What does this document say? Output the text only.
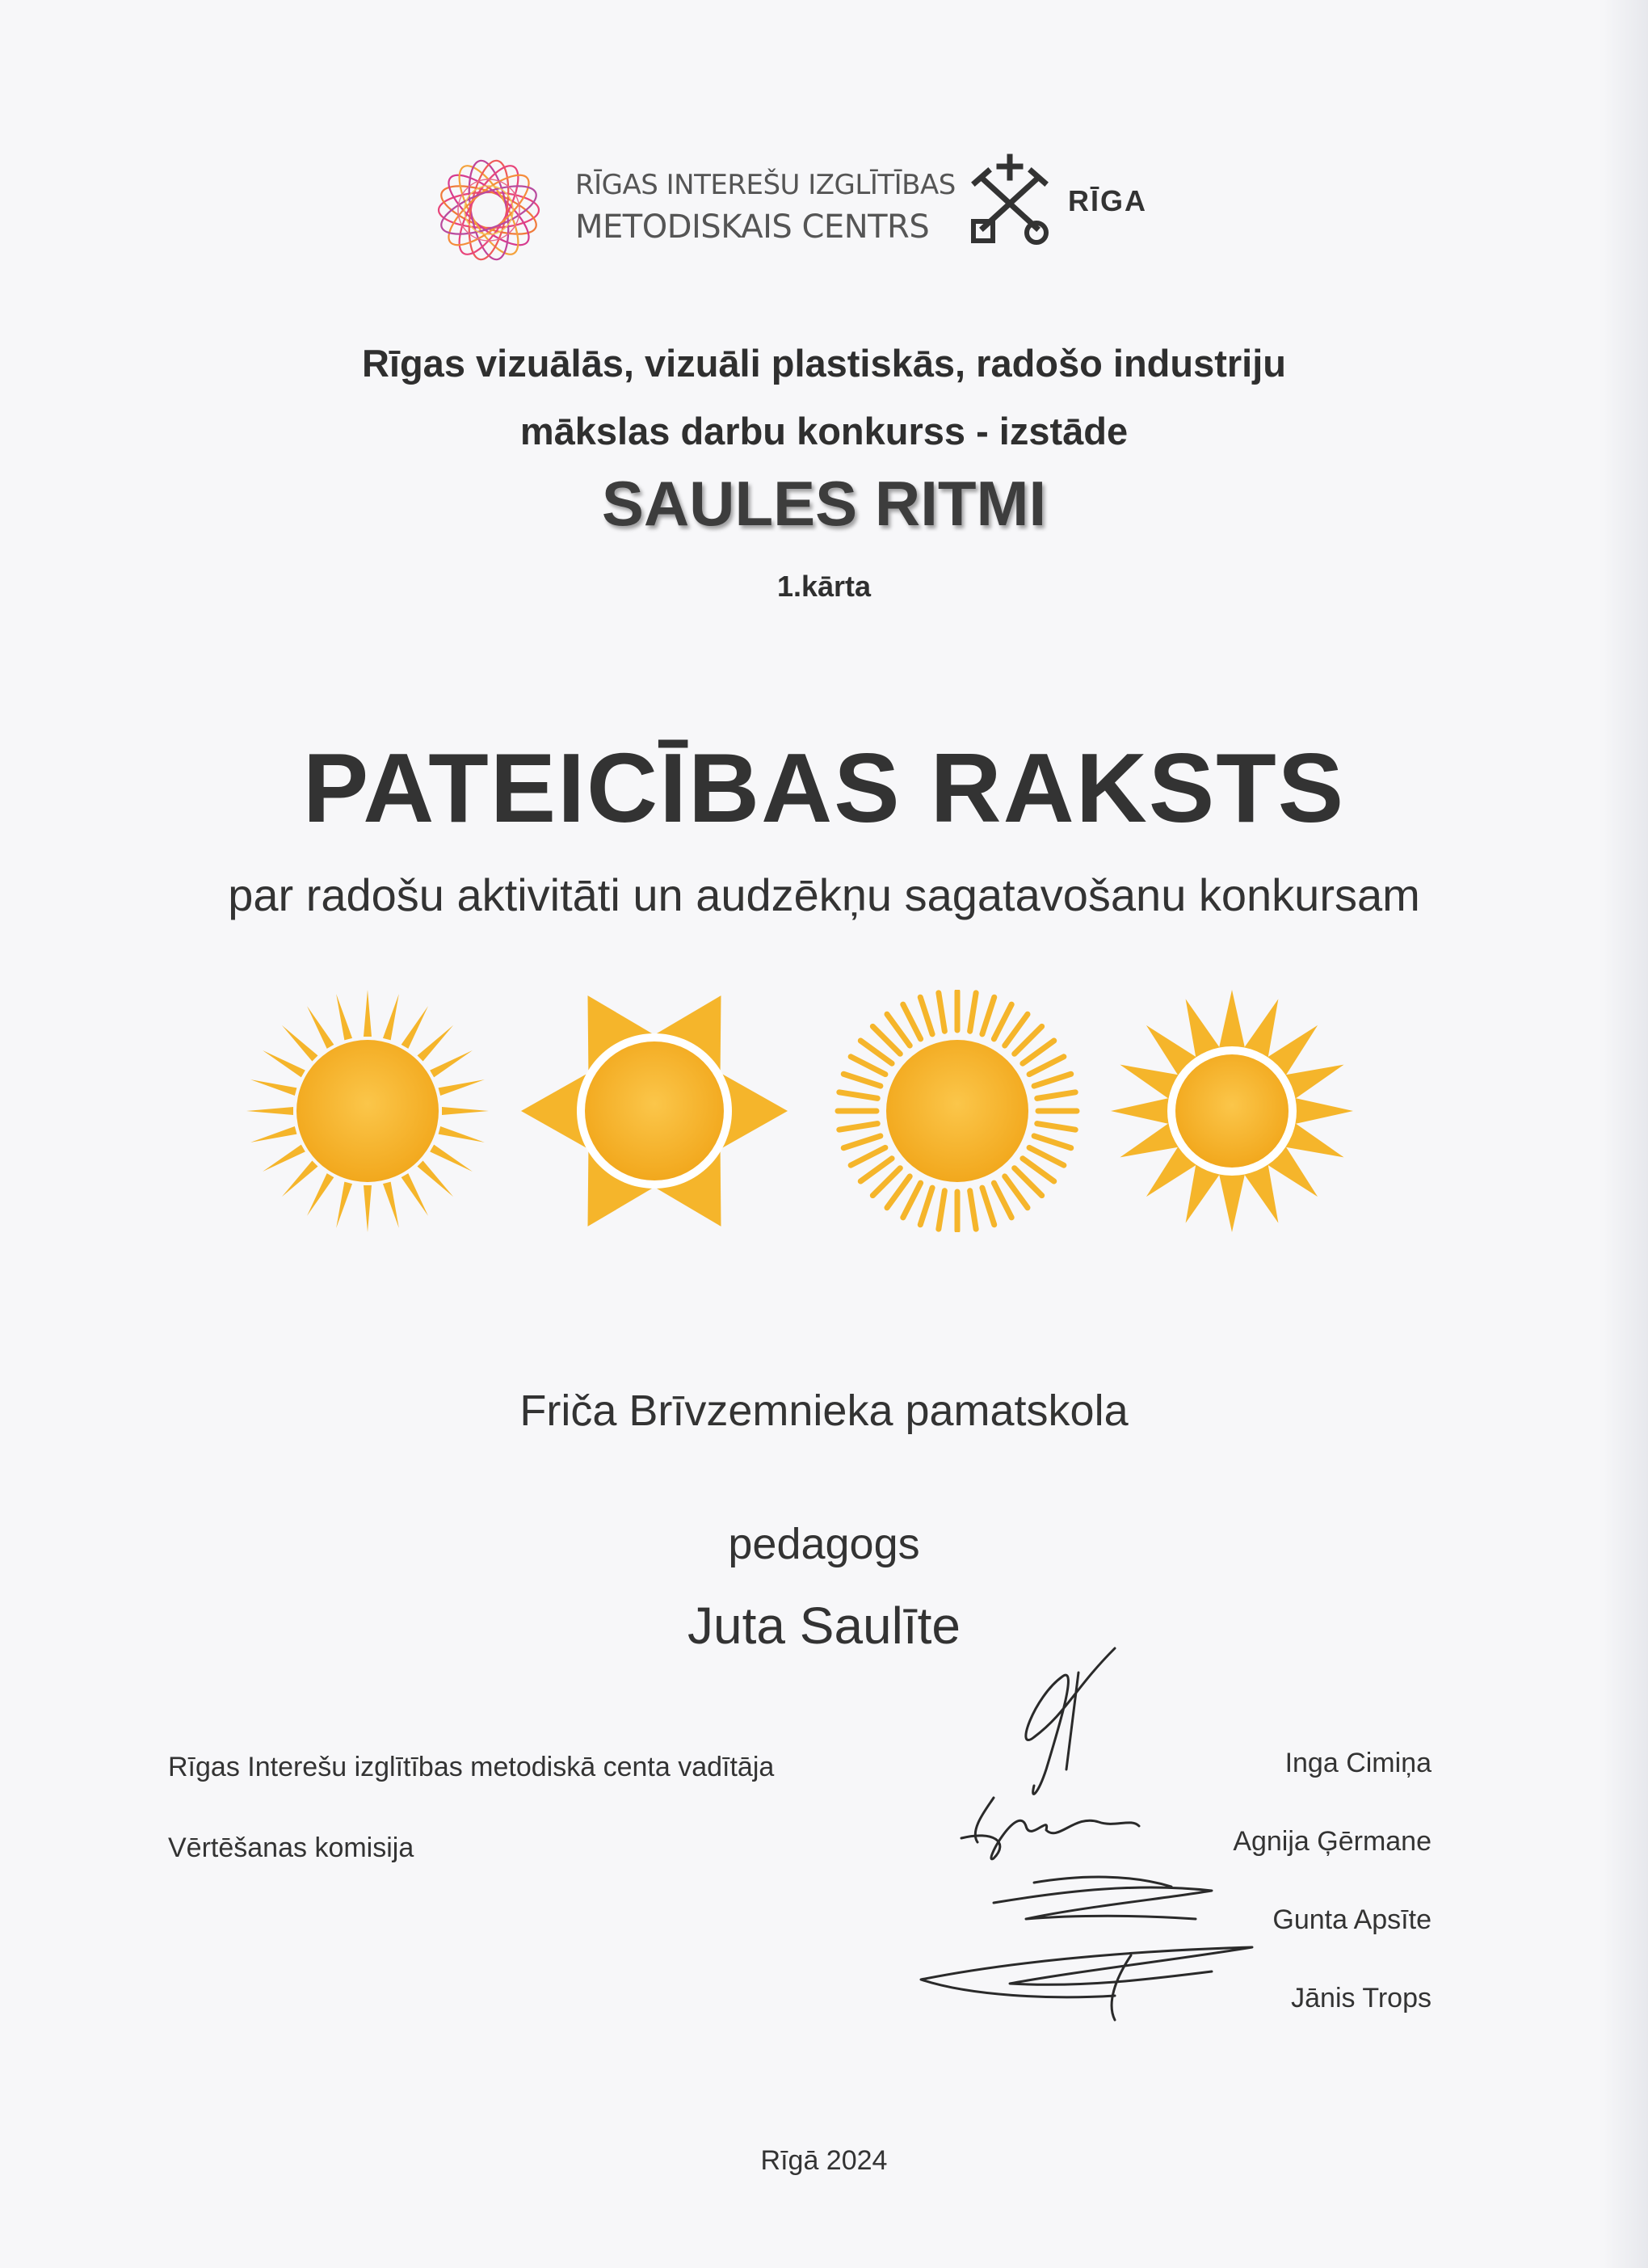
RĪGAS INTEREŠU IZGLĪTĪBAS
METODISKAIS CENTRS
RĪGA
Rīgas vizuālās, vizuāli plastiskās, radošo industriju
mākslas darbu konkurss - izstāde
SAULES RITMI
1.kārta
PATEICĪBAS RAKSTS
par radošu aktivitāti un audzēkņu sagatavošanu konkursam
Friča Brīvzemnieka pamatskola
pedagogs
Juta Saulīte
Rīgas Interešu izglītības metodiskā centa vadītāja
Vērtēšanas komisija
Inga Cimiņa
Agnija Ģērmane
Gunta Apsīte
Jānis Trops
Rīgā 2024
